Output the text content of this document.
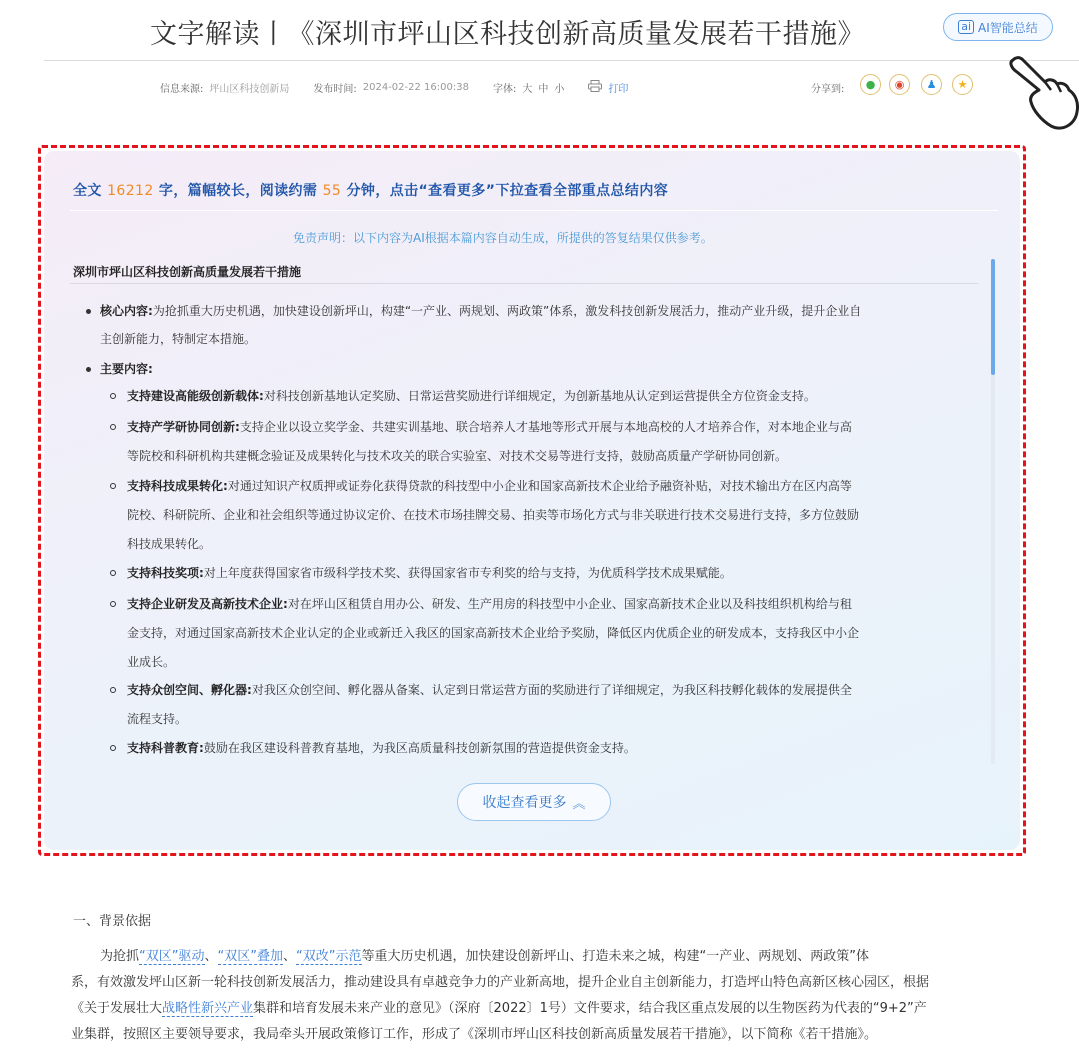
文字解读丨《深圳市坪山区科技创新高质量发展若干措施》	ai AI智能总结
信息来源: 坪山区科技创新局 发布时间: 2024-02-22 16:00:38 字体: 大 中 小	打印	分享到: ● ◉ ♟ ★
全文 16212 字，篇幅较长，阅读约需 55 分钟，点击“查看更多”下拉查看全部重点总结内容
免责声明：以下内容为AI根据本篇内容自动生成，所提供的答复结果仅供参考。
深圳市坪山区科技创新高质量发展若干措施
核心内容:为抢抓重大历史机遇，加快建设创新坪山，构建“一产业、两规划、两政策”体系，激发科技创新发展活力，推动产业升级，提升企业自
主创新能力，特制定本措施。
主要内容:
支持建设高能级创新载体:对科技创新基地认定奖励、日常运营奖励进行详细规定，为创新基地从认定到运营提供全方位资金支持。
支持产学研协同创新:支持企业以设立奖学金、共建实训基地、联合培养人才基地等形式开展与本地高校的人才培养合作，对本地企业与高
等院校和科研机构共建概念验证及成果转化与技术攻关的联合实验室、对技术交易等进行支持，鼓励高质量产学研协同创新。
支持科技成果转化:对通过知识产权质押或证券化获得贷款的科技型中小企业和国家高新技术企业给予融资补贴，对技术输出方在区内高等
院校、科研院所、企业和社会组织等通过协议定价、在技术市场挂牌交易、拍卖等市场化方式与非关联进行技术交易进行支持，多方位鼓励
科技成果转化。
支持科技奖项:对上年度获得国家省市级科学技术奖、获得国家省市专利奖的给与支持，为优质科学技术成果赋能。
支持企业研发及高新技术企业:对在坪山区租赁自用办公、研发、生产用房的科技型中小企业、国家高新技术企业以及科技组织机构给与租
金支持，对通过国家高新技术企业认定的企业或新迁入我区的国家高新技术企业给予奖励，降低区内优质企业的研发成本，支持我区中小企
业成长。
支持众创空间、孵化器:对我区众创空间、孵化器从备案、认定到日常运营方面的奖励进行了详细规定，为我区科技孵化载体的发展提供全
流程支持。
支持科普教育:鼓励在我区建设科普教育基地，为我区高质量科技创新氛围的营造提供资金支持。
收起查看更多 ︽
一、背景依据
为抢抓“双区”驱动、“双区”叠加、“双改”示范等重大历史机遇，加快建设创新坪山、打造未来之城，构建“一产业、两规划、两政策”体
系，有效激发坪山区新一轮科技创新发展活力，推动建设具有卓越竞争力的产业新高地，提升企业自主创新能力，打造坪山特色高新区核心园区，根据
《关于发展壮大战略性新兴产业集群和培育发展未来产业的意见》（深府〔2022〕1号）文件要求，结合我区重点发展的以生物医药为代表的“9+2”产
业集群，按照区主要领导要求，我局牵头开展政策修订工作，形成了《深圳市坪山区科技创新高质量发展若干措施》，以下简称《若干措施》。
